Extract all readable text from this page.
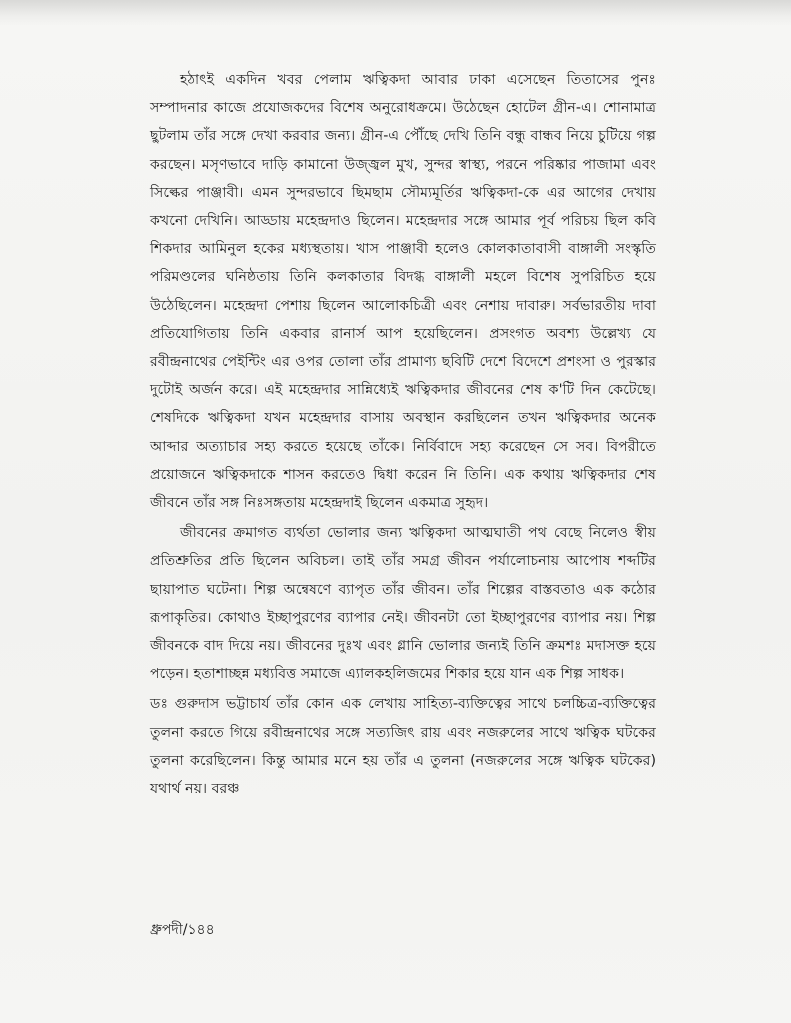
হঠাৎই একদিন খবর পেলাম ঋত্বিকদা আবার ঢাকা এসেছেন তিতাসের পুনঃ সম্পাদনার কাজে প্রযোজকদের বিশেষ অনুরোধক্রমে। উঠেছেন হোটেল গ্রীন-এ। শোনামাত্র ছুটলাম তাঁর সঙ্গে দেখা করবার জন্য। গ্রীন-এ পৌঁছে দেখি তিনি বন্ধু বান্ধব নিয়ে চুটিয়ে গল্প করছেন। মসৃণভাবে দাড়ি কামানো উজ্জ্বল মুখ, সুন্দর স্বাস্থ্য, পরনে পরিষ্কার পাজামা এবং সিল্কের পাঞ্জাবী। এমন সুন্দরভাবে ছিমছাম সৌম্যমূর্তির ঋত্বিকদা-কে এর আগের দেখায় কখনো দেখিনি। আড্ডায় মহেন্দ্রদাও ছিলেন। মহেন্দ্রদার সঙ্গে আমার পূর্ব পরিচয় ছিল কবি শিকদার আমিনুল হকের মধ্যস্থতায়। খাস পাঞ্জাবী হলেও কোলকাতাবাসী বাঙ্গালী সংস্কৃতি পরিমণ্ডলের ঘনিষ্ঠতায় তিনি কলকাতার বিদগ্ধ বাঙ্গালী মহলে বিশেষ সুপরিচিত হয়ে উঠেছিলেন। মহেন্দ্রদা পেশায় ছিলেন আলোকচিত্রী এবং নেশায় দাবারু। সর্বভারতীয় দাবা প্রতিযোগিতায় তিনি একবার রানার্স আপ হয়েছিলেন। প্রসংগত অবশ্য উল্লেখ্য যে রবীন্দ্রনাথের পেইন্টিং এর ওপর তোলা তাঁর প্রামাণ্য ছবিটি দেশে বিদেশে প্রশংসা ও পুরস্কার দুটোই অর্জন করে। এই মহেন্দ্রদার সান্নিধ্যেই ঋত্বিকদার জীবনের শেষ ক'টি দিন কেটেছে। শেষদিকে ঋত্বিকদা যখন মহেন্দ্রদার বাসায় অবস্থান করছিলেন তখন ঋত্বিকদার অনেক আব্দার অত্যাচার সহ্য করতে হয়েছে তাঁকে। নির্বিবাদে সহ্য করেছেন সে সব। বিপরীতে প্রয়োজনে ঋত্বিকদাকে শাসন করতেও দ্বিধা করেন নি তিনি। এক কথায় ঋত্বিকদার শেষ জীবনে তাঁর সঙ্গ নিঃসঙ্গতায় মহেন্দ্রদাই ছিলেন একমাত্র সুহৃদ।

জীবনের ক্রমাগত ব্যর্থতা ভোলার জন্য ঋত্বিকদা আত্মঘাতী পথ বেছে নিলেও স্বীয় প্রতিশ্রুতির প্রতি ছিলেন অবিচল। তাই তাঁর সমগ্র জীবন পর্যালোচনায় আপোষ শব্দটির ছায়াপাত ঘটেনা। শিল্প অন্বেষণে ব্যাপৃত তাঁর জীবন। তাঁর শিল্পের বাস্তবতাও এক কঠোর রূপাকৃতির। কোথাও ইচ্ছাপুরণের ব্যাপার নেই। জীবনটা তো ইচ্ছাপুরণের ব্যাপার নয়। শিল্প জীবনকে বাদ দিয়ে নয়। জীবনের দুঃখ এবং গ্লানি ভোলার জন্যই তিনি ক্রমশঃ মদাসক্ত হয়ে পড়েন। হতাশাচ্ছন্ন মধ্যবিত্ত সমাজে এ্যালকহলিজমের শিকার হয়ে যান এক শিল্প সাধক।

ডঃ গুরুদাস ভট্টাচার্য তাঁর কোন এক লেখায় সাহিত্য-ব্যক্তিত্বের সাথে চলচ্চিত্র-ব্যক্তিত্বের তুলনা করতে গিয়ে রবীন্দ্রনাথের সঙ্গে সত্যজিৎ রায় এবং নজরুলের সাথে ঋত্বিক ঘটকের তুলনা করেছিলেন। কিন্তু আমার মনে হয় তাঁর এ তুলনা (নজরুলের সঙ্গে ঋত্বিক ঘটকের) যথার্থ নয়। বরঞ্চ

ধ্রুপদী/১৪৪
